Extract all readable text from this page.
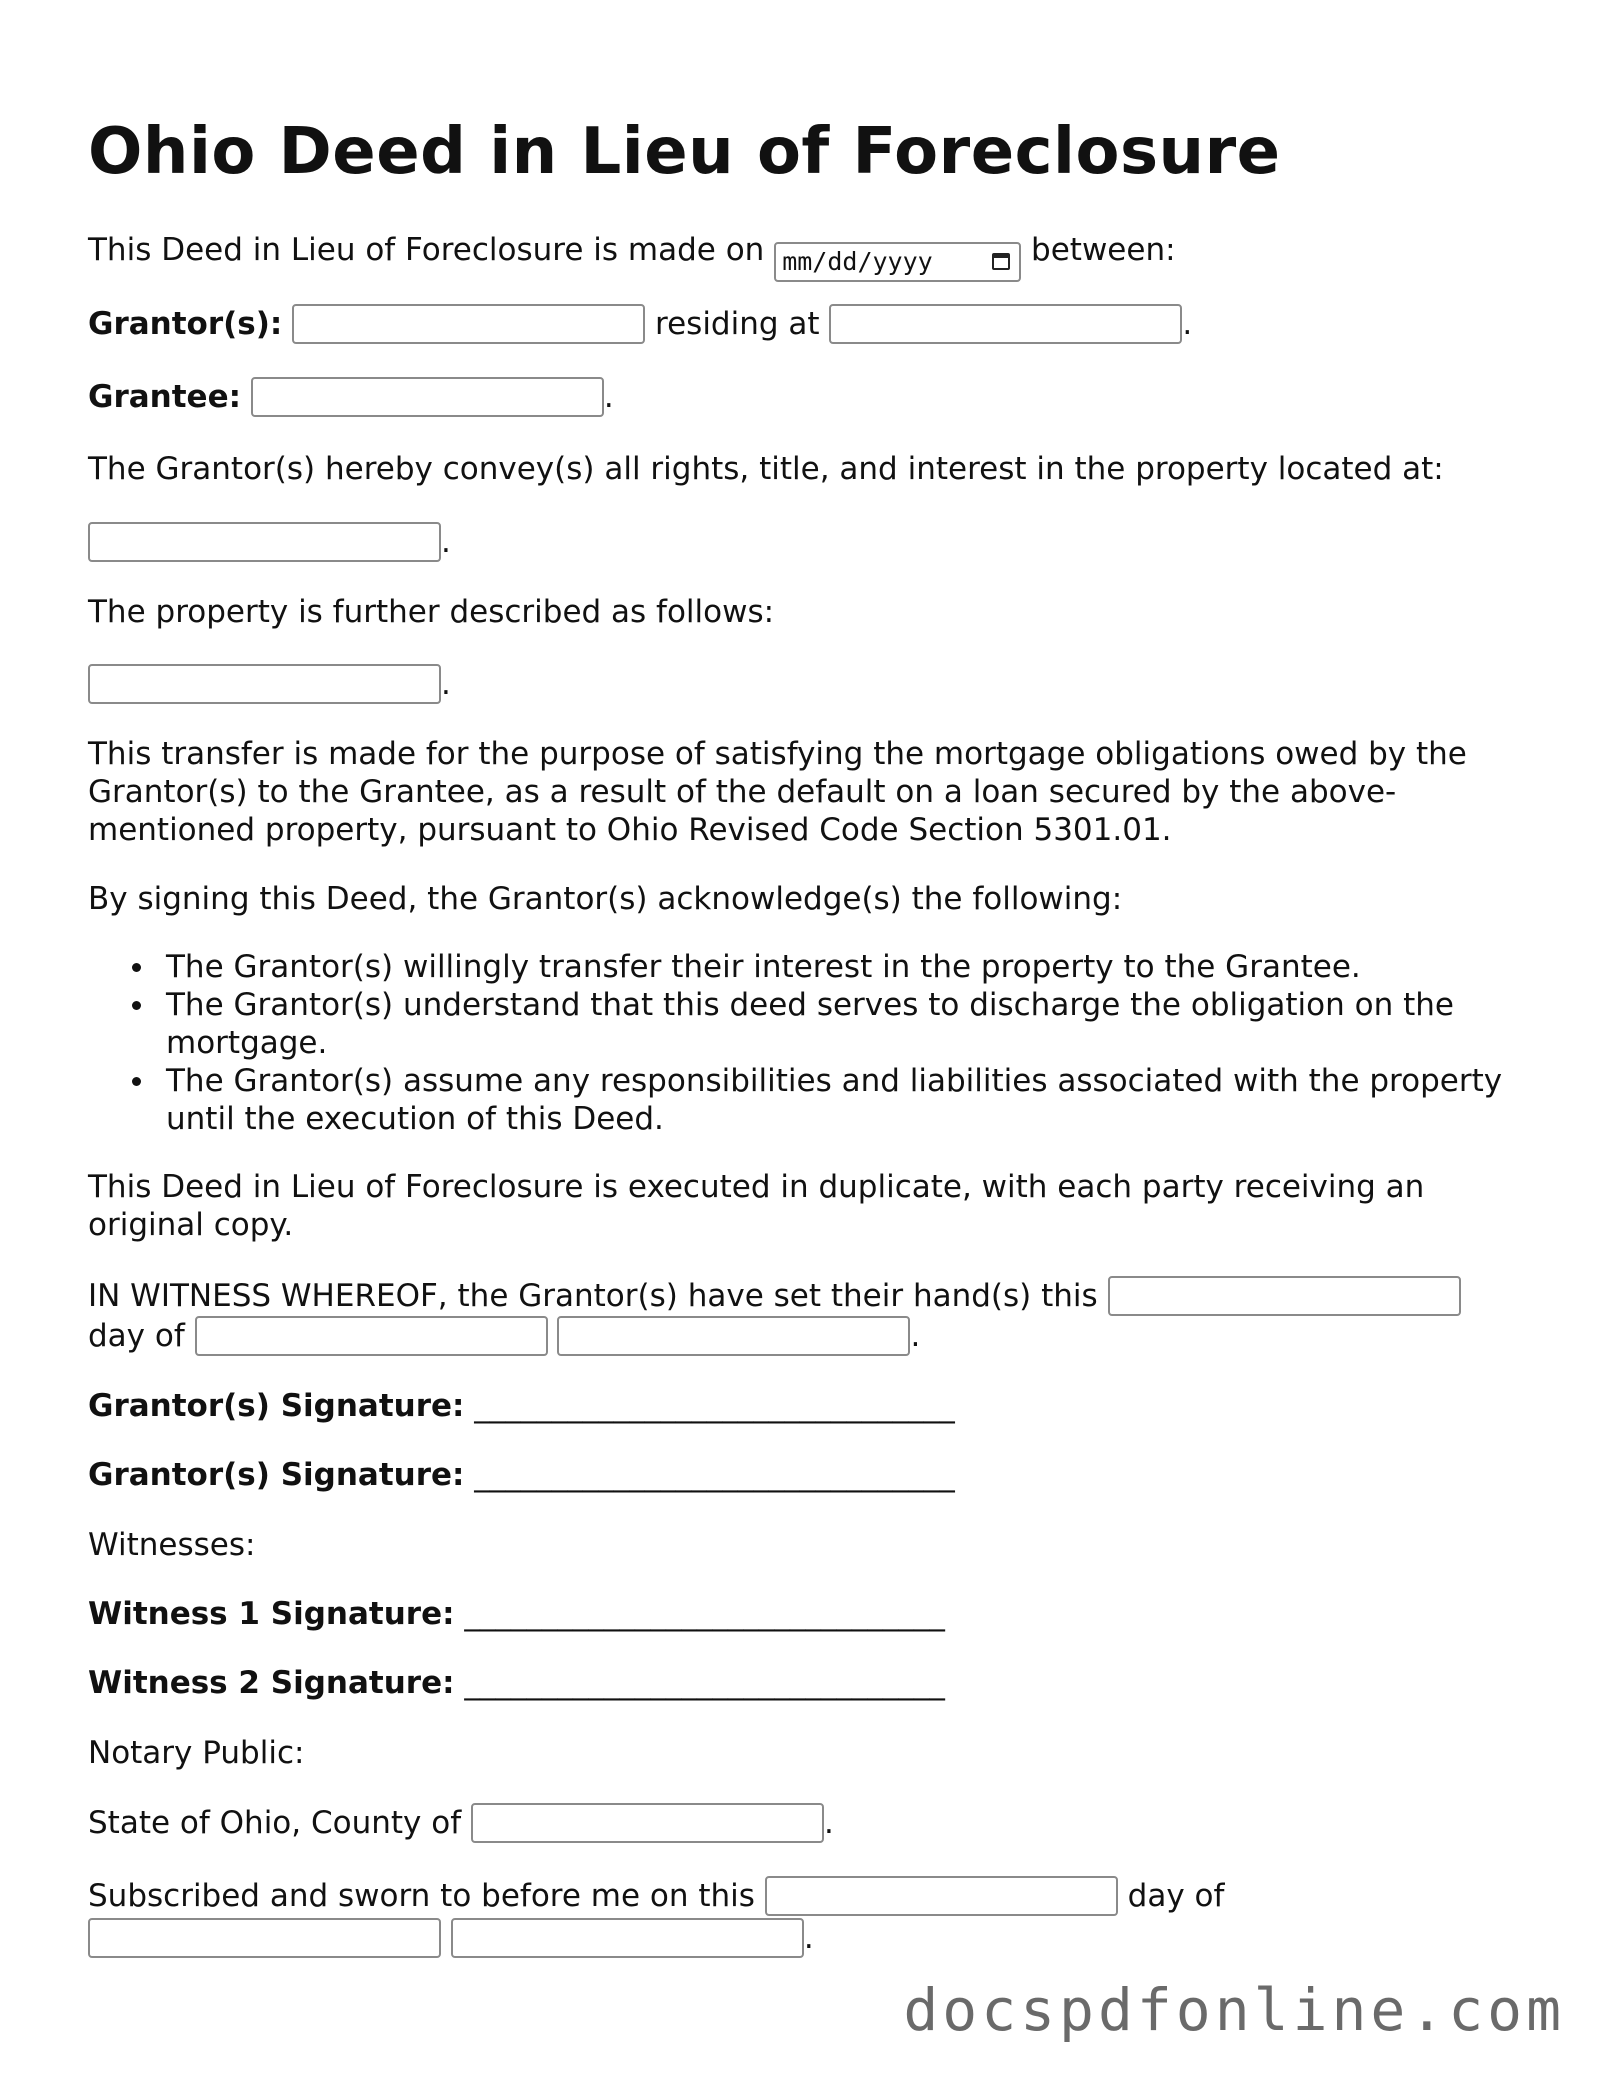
Ohio Deed in Lieu of Foreclosure
This Deed in Lieu of Foreclosure is made on mm/dd/yyyy	between:
Grantor(s):	residing at	.
Grantee:	.
The Grantor(s) hereby convey(s) all rights, title, and interest in the property located at:
.
The property is further described as follows:
.
This transfer is made for the purpose of satisfying the mortgage obligations owed by the Grantor(s) to the Grantee, as a result of the default on a loan secured by the above-mentioned property, pursuant to Ohio Revised Code Section 5301.01.
By signing this Deed, the Grantor(s) acknowledge(s) the following:
The Grantor(s) willingly transfer their interest in the property to the Grantee.
The Grantor(s) understand that this deed serves to discharge the obligation on the mortgage.
The Grantor(s) assume any responsibilities and liabilities associated with the property until the execution of this Deed.
This Deed in Lieu of Foreclosure is executed in duplicate, with each party receiving an original copy.
IN WITNESS WHEREOF, the Grantor(s) have set their hand(s) this
day of	.
Grantor(s) Signature: _______________________________
Grantor(s) Signature: _______________________________
Witnesses:
Witness 1 Signature: _______________________________
Witness 2 Signature: _______________________________
Notary Public:
State of Ohio, County of	.
Subscribed and sworn to before me on this	day of
.
docspdfonline.com
